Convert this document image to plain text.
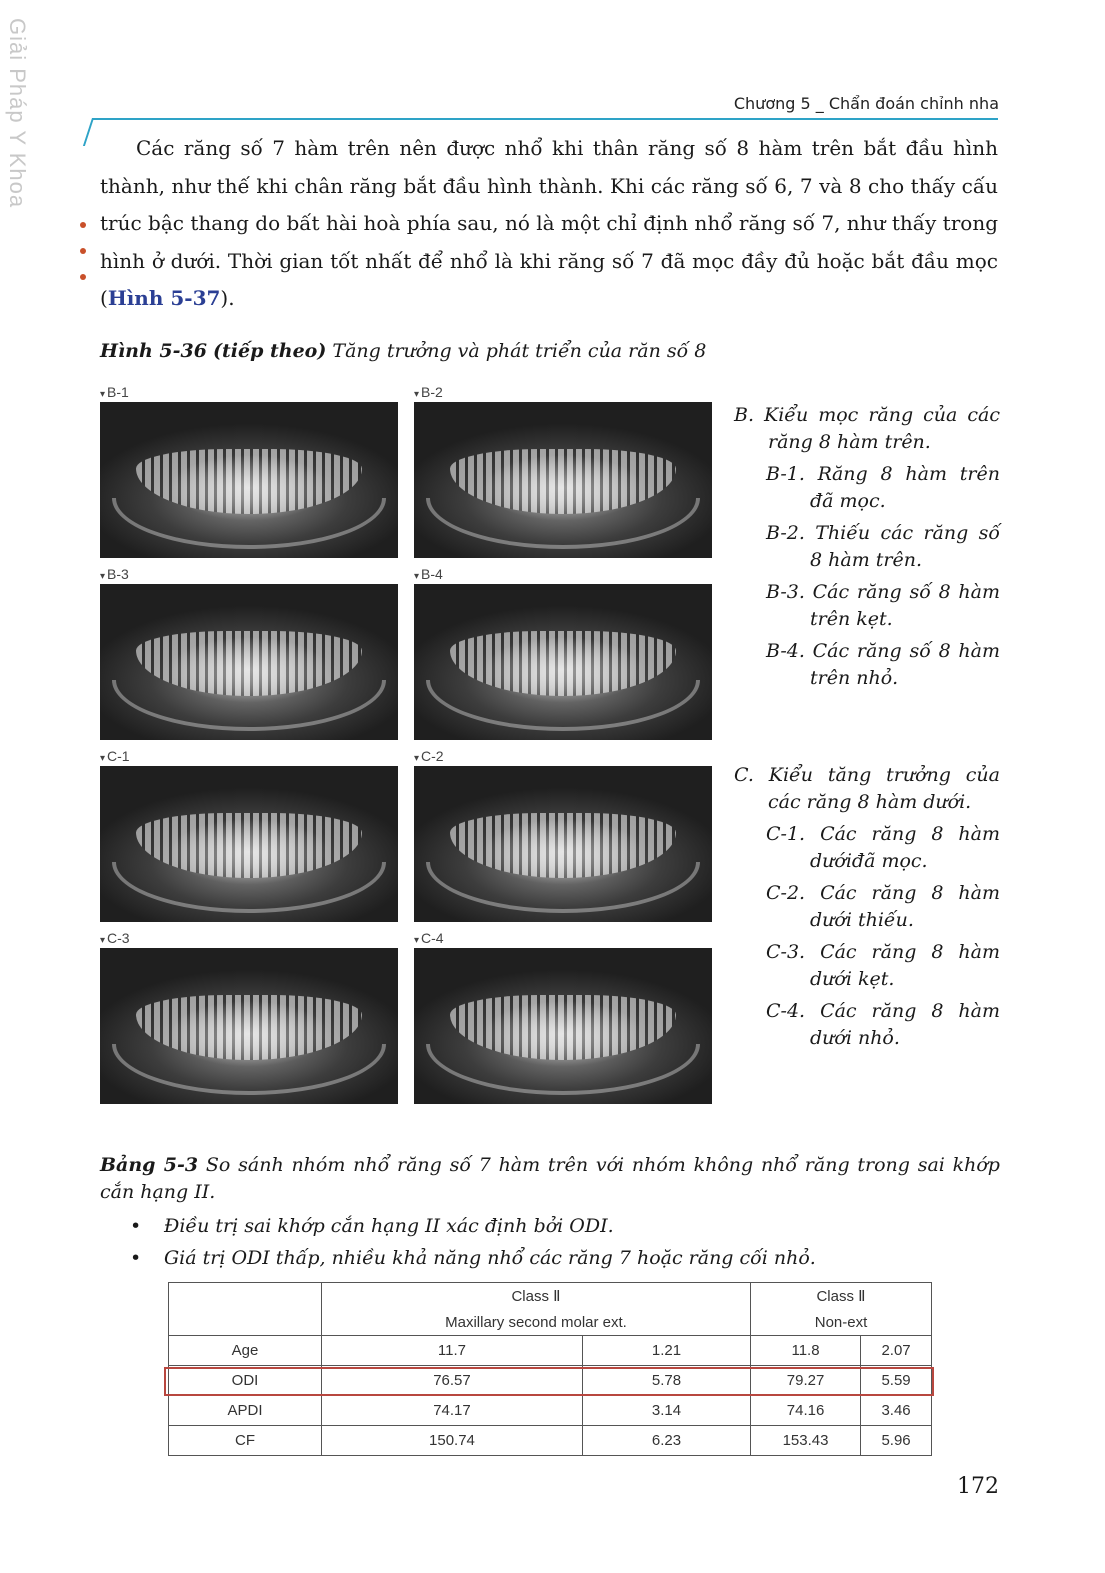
Giải Pháp Y Khoa	Chương 5 _ Chẩn đoán chỉnh nha

Các răng số 7 hàm trên nên được nhổ khi thân răng số 8 hàm trên bắt đầu hình thành, như thế khi chân răng bắt đầu hình thành. Khi các răng số 6, 7 và 8 cho thấy cấu trúc bậc thang do bất hài hoà phía sau, nó là một chỉ định nhổ răng số 7, như thấy trong hình ở dưới. Thời gian tốt nhất để nhổ là khi răng số 7 đã mọc đầy đủ hoặc bắt đầu mọc (Hình 5-37).

Hình 5-36 (tiếp theo) Tăng trưởng và phát triển của răn số 8
▾ B-1	▾ B-2
▾ B-3	▾ B-4
▾ C-1	▾ C-2
▾ C-3	▾ C-4

B. Kiểu mọc răng của các răng 8 hàm trên.

B-1. Răng 8 hàm trên đã mọc.

B-2. Thiếu các răng số 8 hàm trên.

B-3. Các răng số 8 hàm trên kẹt.

B-4. Các răng số 8 hàm trên nhỏ.

C. Kiểu tăng trưởng của các răng 8 hàm dưới.

C-1. Các răng 8 hàm dướiđã mọc.

C-2. Các răng 8 hàm dưới thiếu.

C-3. Các răng 8 hàm dưới kẹt.

C-4. Các răng 8 hàm dưới nhỏ.

Bảng 5-3 So sánh nhóm nhổ răng số 7 hàm trên với nhóm không nhổ răng trong sai khớp cắn hạng II.
• Điều trị sai khớp cắn hạng II xác định bởi ODI.
• Giá trị ODI thấp, nhiều khả năng nhổ các răng 7 hoặc răng cối nhỏ.
	Class Ⅱ		Class Ⅱ	
	Maxillary second molar ext.		Non-ext	
Age	11.7	1.21	11.8	2.07
ODI	76.57	5.78	79.27	5.59
APDI	74.17	3.14	74.16	3.46
CF	150.74	6.23	153.43	5.96
172
